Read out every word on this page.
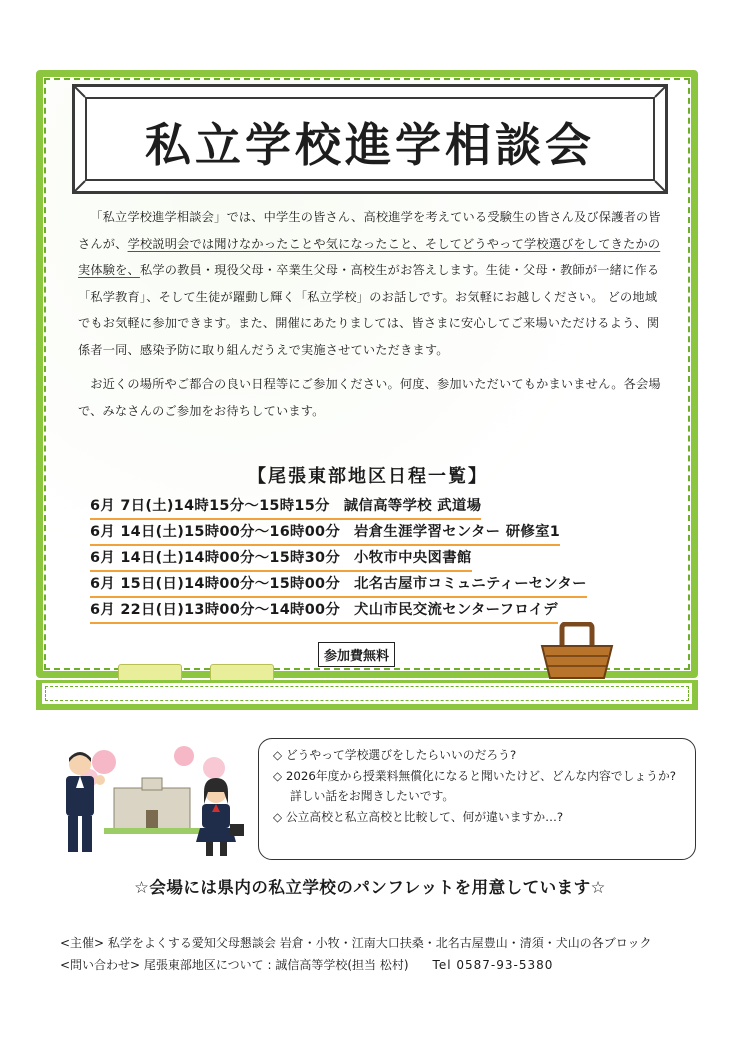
私立学校進学相談会

「私立学校進学相談会」では、中学生の皆さん、高校進学を考えている受験生の皆さん及び保護者の皆さんが、学校説明会では聞けなかったことや気になったこと、そしてどうやって学校選びをしてきたかの実体験を、私学の教員・現役父母・卒業生父母・高校生がお答えします。生徒・父母・教師が一緒に作る「私学教育」、そして生徒が躍動し輝く「私立学校」のお話しです。お気軽にお越しください。 どの地域でもお気軽に参加できます。また、開催にあたりましては、皆さまに安心してご来場いただけるよう、関係者一同、感染予防に取り組んだうえで実施させていただきます。

お近くの場所やご都合の良い日程等にご参加ください。何度、参加いただいてもかまいません。各会場で、みなさんのご参加をお待ちしています。

【尾張東部地区日程一覧】
6月 7日(土)14時15分～15時15分 誠信高等学校 武道場
6月 14日(土)15時00分～16時00分 岩倉生涯学習センター 研修室1
6月 14日(土)14時00分～15時30分 小牧市中央図書館
6月 15日(日)14時00分～15時00分 北名古屋市コミュニティーセンター
6月 22日(日)13時00分～14時00分 犬山市民交流センターフロイデ
参加費無料
◇ どうやって学校選びをしたらいいのだろう?
◇ 2026年度から授業料無償化になると聞いたけど、どんな内容でしょうか?
詳しい話をお聞きしたいです。
◇ 公立高校と私立高校と比較して、何が違いますか…?
☆会場には県内の私立学校のパンフレットを用意しています☆
<主催> 私学をよくする愛知父母懇談会 岩倉・小牧・江南大口扶桑・北名古屋豊山・清須・犬山の各ブロック
<問い合わせ> 尾張東部地区について : 誠信高等学校(担当 松村) Tel 0587-93-5380
